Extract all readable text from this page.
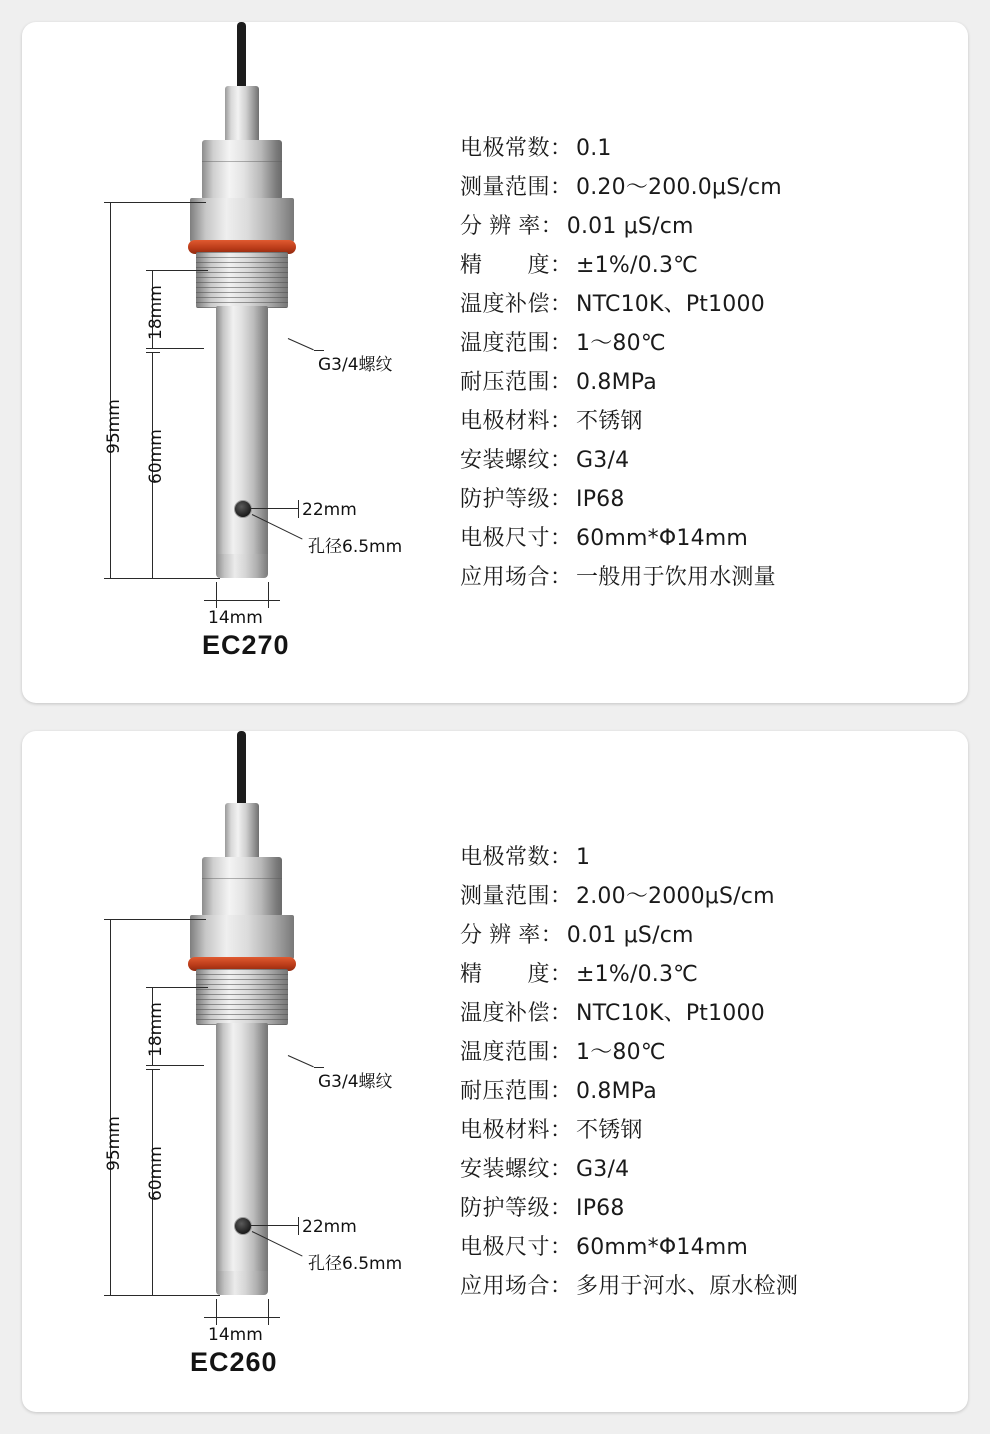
95mm
18mm
60mm
14mm
G3/4螺纹
22mm
孔径6.5mm
EC270
电极常数 ： 0.1
测量范围 ： 0.20～200.0μS/cm
分 辨 率 ： 0.01 μS/cm
精　　度 ： ±1%/0.3℃
温度补偿 ： NTC10K、Pt1000
温度范围 ： 1～80℃
耐压范围 ： 0.8MPa
电极材料 ： 不锈钢
安装螺纹 ： G3/4
防护等级 ： IP68
电极尺寸 ： 60mm*Φ14mm
应用场合 ： 一般用于饮用水测量
95mm
18mm
60mm
14mm
G3/4螺纹
22mm
孔径6.5mm
EC260
电极常数 ： 1
测量范围 ： 2.00～2000μS/cm
分 辨 率 ： 0.01 μS/cm
精　　度 ： ±1%/0.3℃
温度补偿 ： NTC10K、Pt1000
温度范围 ： 1～80℃
耐压范围 ： 0.8MPa
电极材料 ： 不锈钢
安装螺纹 ： G3/4
防护等级 ： IP68
电极尺寸 ： 60mm*Φ14mm
应用场合 ： 多用于河水、原水检测
